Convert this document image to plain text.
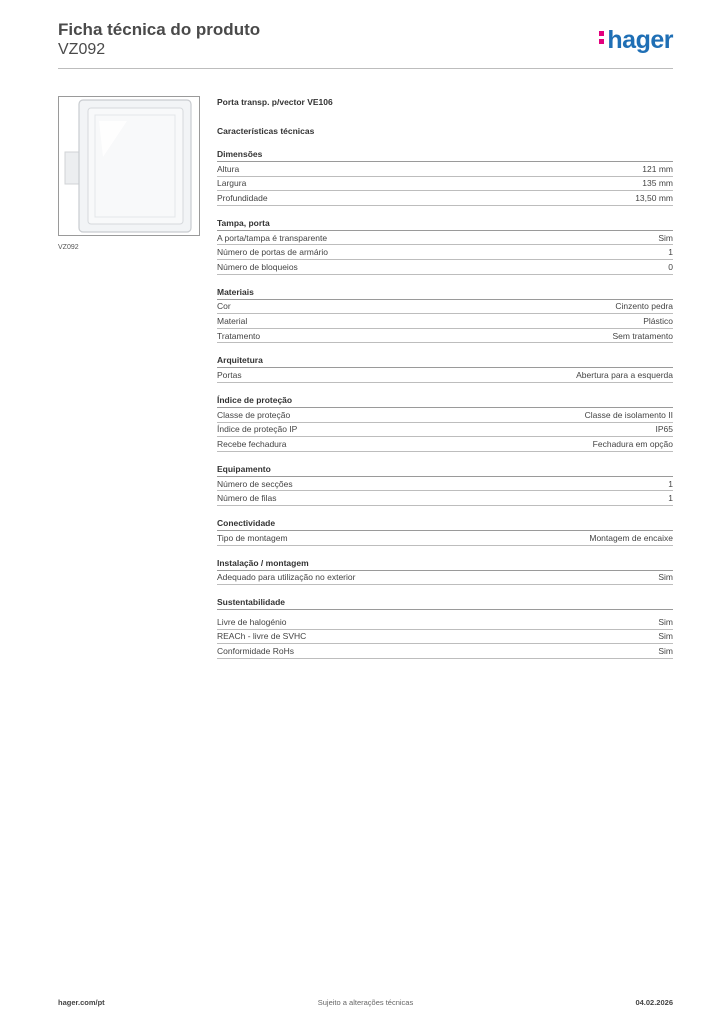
Ficha técnica do produto
VZ092	hager
VZ092
Porta transp. p/vector VE106
Características técnicas
Dimensões
Altura	121 mm
Largura	135 mm
Profundidade	13,50 mm
Tampa, porta
A porta/tampa é transparente	Sim
Número de portas de armário	1
Número de bloqueios	0
Materiais
Cor	Cinzento pedra
Material	Plástico
Tratamento	Sem tratamento
Arquitetura
Portas	Abertura para a esquerda
Índice de proteção
Classe de proteção	Classe de isolamento II
Índice de proteção IP	IP65
Recebe fechadura	Fechadura em opção
Equipamento
Número de secções	1
Número de filas	1
Conectividade
Tipo de montagem	Montagem de encaixe
Instalação / montagem
Adequado para utilização no exterior	Sim
Sustentabilidade
Livre de halogénio	Sim
REACh - livre de SVHC	Sim
Conformidade RoHs	Sim
hager.com/pt	Sujeito a alterações técnicas	04.02.2026
